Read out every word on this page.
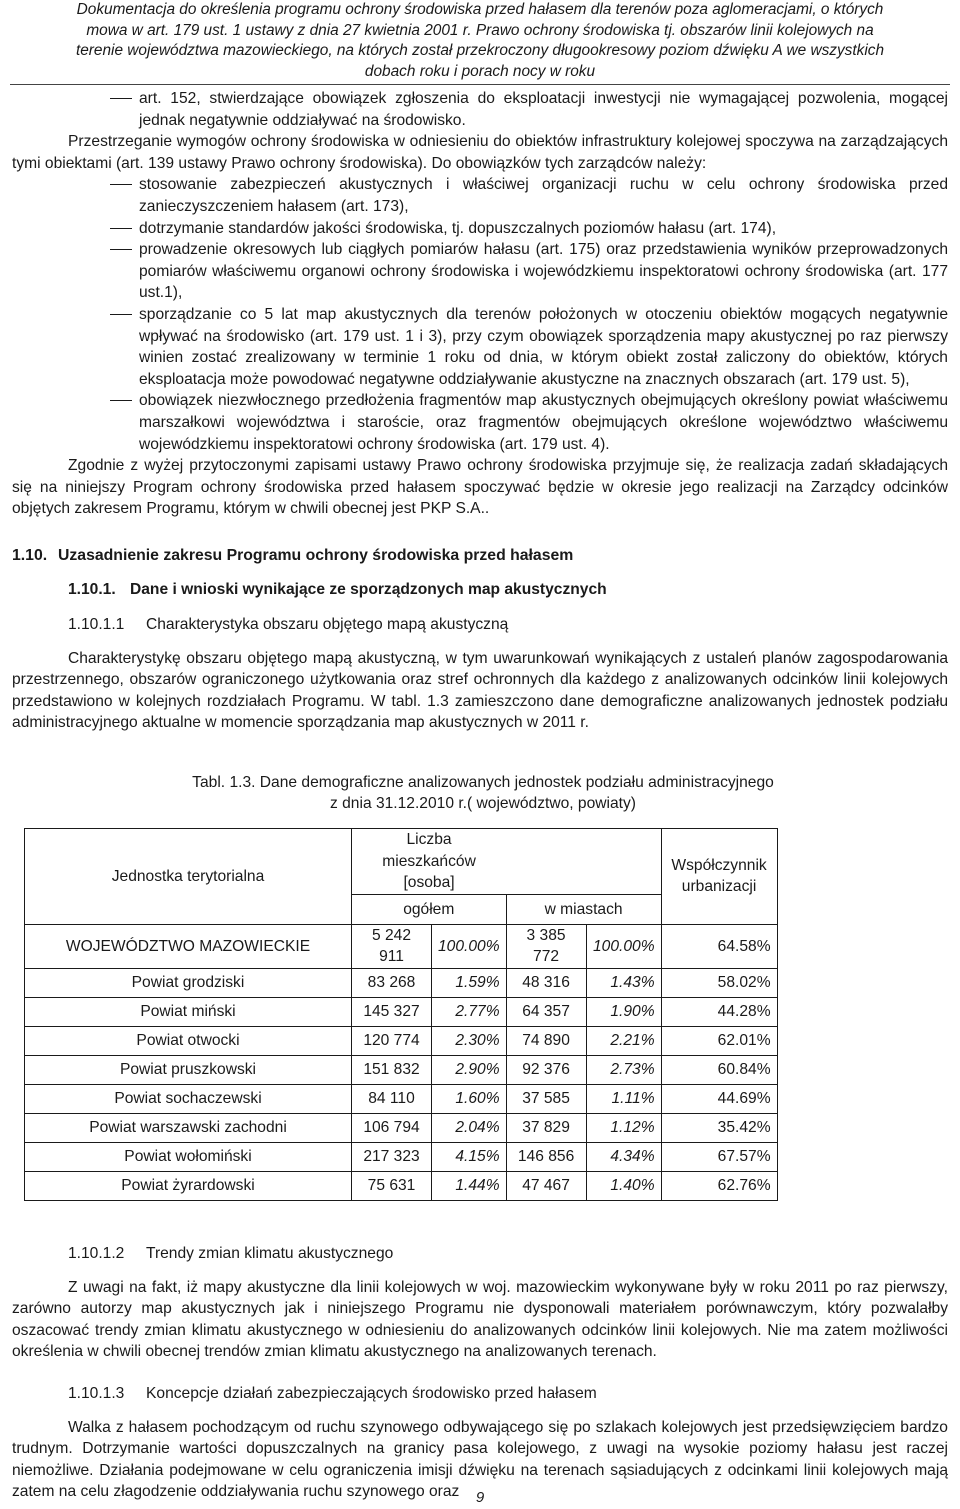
Dokumentacja do określenia programu ochrony środowiska przed hałasem dla terenów poza aglomeracjami, o których
mowa w art. 179 ust. 1 ustawy z dnia 27 kwietnia 2001 r. Prawo ochrony środowiska tj. obszarów linii kolejowych na
terenie województwa mazowieckiego, na których został przekroczony długookresowy poziom dźwięku A we wszystkich
dobach roku i porach nocy w roku
art. 152, stwierdzające obowiązek zgłoszenia do eksploatacji inwestycji nie wymagającej pozwolenia, mogącej jednak negatywnie oddziaływać na środowisko.

Przestrzeganie wymogów ochrony środowiska w odniesieniu do obiektów infrastruktury kolejowej spoczywa na zarządzających tymi obiektami (art. 139 ustawy Prawo ochrony środowiska). Do obowiązków tych zarządców należy:

stosowanie zabezpieczeń akustycznych i właściwej organizacji ruchu w celu ochrony środowiska przed zanieczyszczeniem hałasem (art. 173),
dotrzymanie standardów jakości środowiska, tj. dopuszczalnych poziomów hałasu (art. 174),
prowadzenie okresowych lub ciągłych pomiarów hałasu (art. 175) oraz przedstawienia wyników przeprowadzonych pomiarów właściwemu organowi ochrony środowiska i wojewódzkiemu inspektoratowi ochrony środowiska (art. 177 ust.1),
sporządzanie co 5 lat map akustycznych dla terenów położonych w otoczeniu obiektów mogących negatywnie wpływać na środowisko (art. 179 ust. 1 i 3), przy czym obowiązek sporządzenia mapy akustycznej po raz pierwszy winien zostać zrealizowany w terminie 1 roku od dnia, w którym obiekt został zaliczony do obiektów, których eksploatacja może powodować negatywne oddziaływanie akustyczne na znacznych obszarach (art. 179 ust. 5),
obowiązek niezwłocznego przedłożenia fragmentów map akustycznych obejmujących określony powiat właściwemu marszałkowi województwa i staroście, oraz fragmentów obejmujących określone województwo właściwemu wojewódzkiemu inspektoratowi ochrony środowiska (art. 179 ust. 4).

Zgodnie z wyżej przytoczonymi zapisami ustawy Prawo ochrony środowiska przyjmuje się, że realizacja zadań składających się na niniejszy Program ochrony środowiska przed hałasem spoczywać będzie w okresie jego realizacji na Zarządcy odcinków objętych zakresem Programu, którym w chwili obecnej jest PKP S.A..

1.10. Uzasadnienie zakresu Programu ochrony środowiska przed hałasem
1.10.1. Dane i wnioski wynikające ze sporządzonych map akustycznych
1.10.1.1 Charakterystyka obszaru objętego mapą akustyczną

Charakterystykę obszaru objętego mapą akustyczną, w tym uwarunkowań wynikających z ustaleń planów zagospodarowania przestrzennego, obszarów ograniczonego użytkowania oraz stref ochronnych dla każdego z analizowanych odcinków linii kolejowych przedstawiono w kolejnych rozdziałach Programu. W tabl. 1.3 zamieszczono dane demograficzne analizowanych jednostek podziału administracyjnego aktualne w momencie sporządzania map akustycznych w 2011 r.

Tabl. 1.3. Dane demograficzne analizowanych jednostek podziału administracyjnego
z dnia 31.12.2010 r.( województwo, powiaty)
Jednostka terytorialna	Liczba mieszkańców [osoba]				Współczynnik urbanizacji
	ogółem		w miastach		
WOJEWÓDZTWO MAZOWIECKIE	5 242 911	100.00%	3 385 772	100.00%	64.58%
Powiat grodziski	83 268	1.59%	48 316	1.43%	58.02%
Powiat miński	145 327	2.77%	64 357	1.90%	44.28%
Powiat otwocki	120 774	2.30%	74 890	2.21%	62.01%
Powiat pruszkowski	151 832	2.90%	92 376	2.73%	60.84%
Powiat sochaczewski	84 110	1.60%	37 585	1.11%	44.69%
Powiat warszawski zachodni	106 794	2.04%	37 829	1.12%	35.42%
Powiat wołomiński	217 323	4.15%	146 856	4.34%	67.57%
Powiat żyrardowski	75 631	1.44%	47 467	1.40%	62.76%
1.10.1.2 Trendy zmian klimatu akustycznego

Z uwagi na fakt, iż mapy akustyczne dla linii kolejowych w woj. mazowieckim wykonywane były w roku 2011 po raz pierwszy, zarówno autorzy map akustycznych jak i niniejszego Programu nie dysponowali materiałem porównawczym, który pozwalałby oszacować trendy zmian klimatu akustycznego w odniesieniu do analizowanych odcinków linii kolejowych. Nie ma zatem możliwości określenia w chwili obecnej trendów zmian klimatu akustycznego na analizowanych terenach.

1.10.1.3 Koncepcje działań zabezpieczających środowisko przed hałasem

Walka z hałasem pochodzącym od ruchu szynowego odbywającego się po szlakach kolejowych jest przedsięwzięciem bardzo trudnym. Dotrzymanie wartości dopuszczalnych na granicy pasa kolejowego, z uwagi na wysokie poziomy hałasu jest raczej niemożliwe. Działania podejmowane w celu ograniczenia imisji dźwięku na terenach sąsiadujących z odcinkami linii kolejowych mają zatem na celu złagodzenie oddziaływania ruchu szynowego oraz	9
